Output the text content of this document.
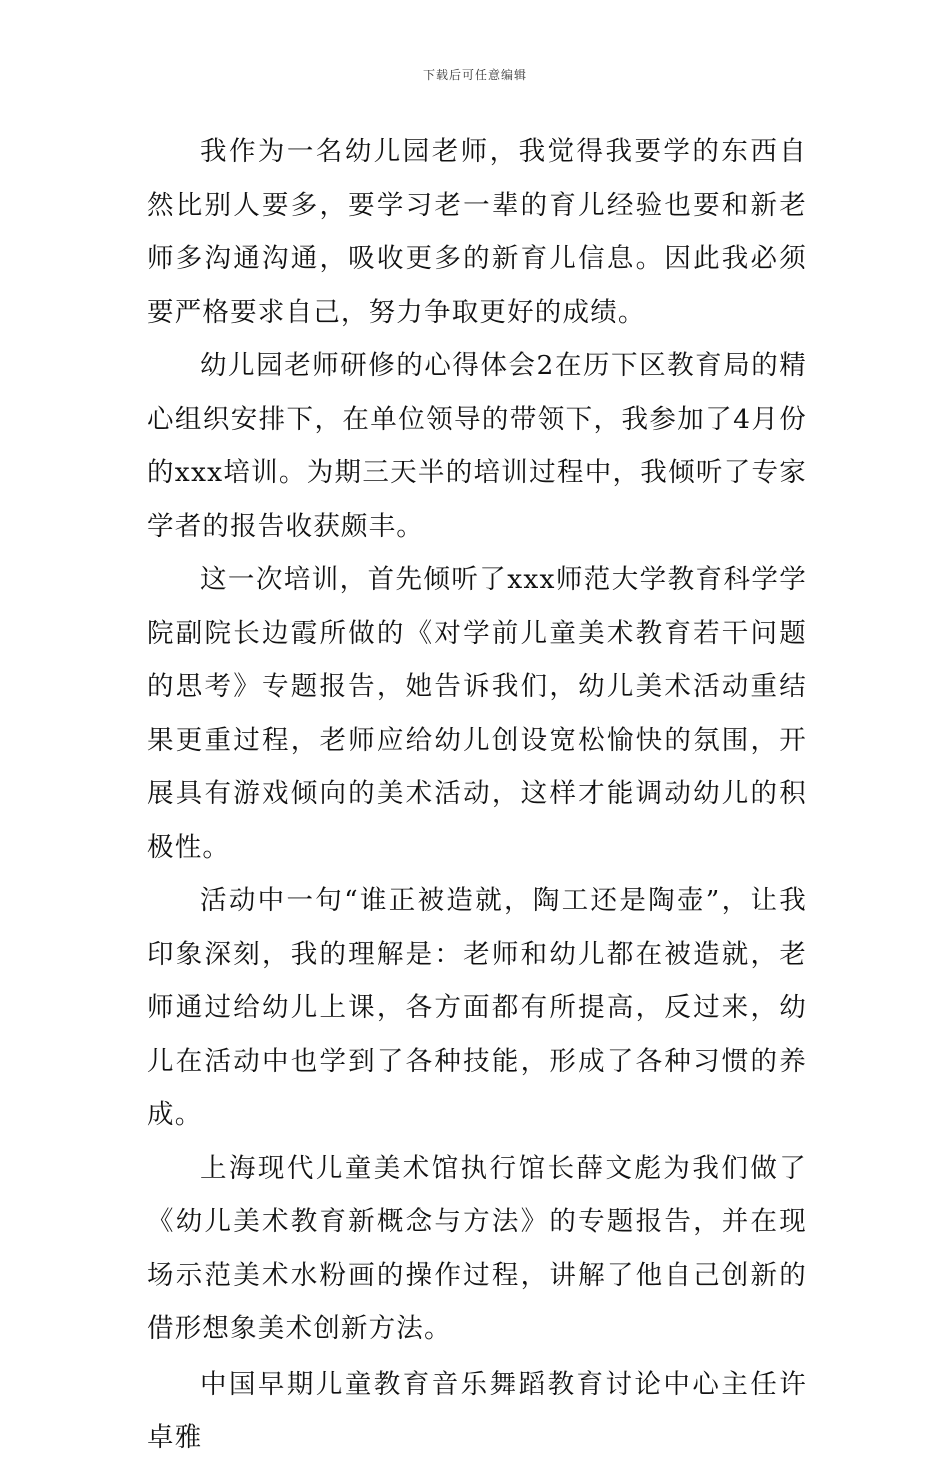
下载后可任意编辑

我作为一名幼儿园老师，我觉得我要学的东西自然比别人要多，要学习老一辈的育儿经验也要和新老师多沟通沟通，吸收更多的新育儿信息。因此我必须要严格要求自己，努力争取更好的成绩。

幼儿园老师研修的心得体会2在历下区教育局的精心组织安排下，在单位领导的带领下，我参加了4月份的xxx培训。为期三天半的培训过程中，我倾听了专家学者的报告收获颇丰。

这一次培训，首先倾听了xxx师范大学教育科学学院副院长边霞所做的《对学前儿童美术教育若干问题的思考》专题报告，她告诉我们，幼儿美术活动重结果更重过程，老师应给幼儿创设宽松愉快的氛围，开展具有游戏倾向的美术活动，这样才能调动幼儿的积极性。

活动中一句“谁正被造就，陶工还是陶壶”，让我印象深刻，我的理解是：老师和幼儿都在被造就，老师通过给幼儿上课，各方面都有所提高，反过来，幼儿在活动中也学到了各种技能，形成了各种习惯的养成。

上海现代儿童美术馆执行馆长薛文彪为我们做了《幼儿美术教育新概念与方法》的专题报告，并在现场示范美术水粉画的操作过程，讲解了他自己创新的借形想象美术创新方法。

中国早期儿童教育音乐舞蹈教育讨论中心主任许卓雅
